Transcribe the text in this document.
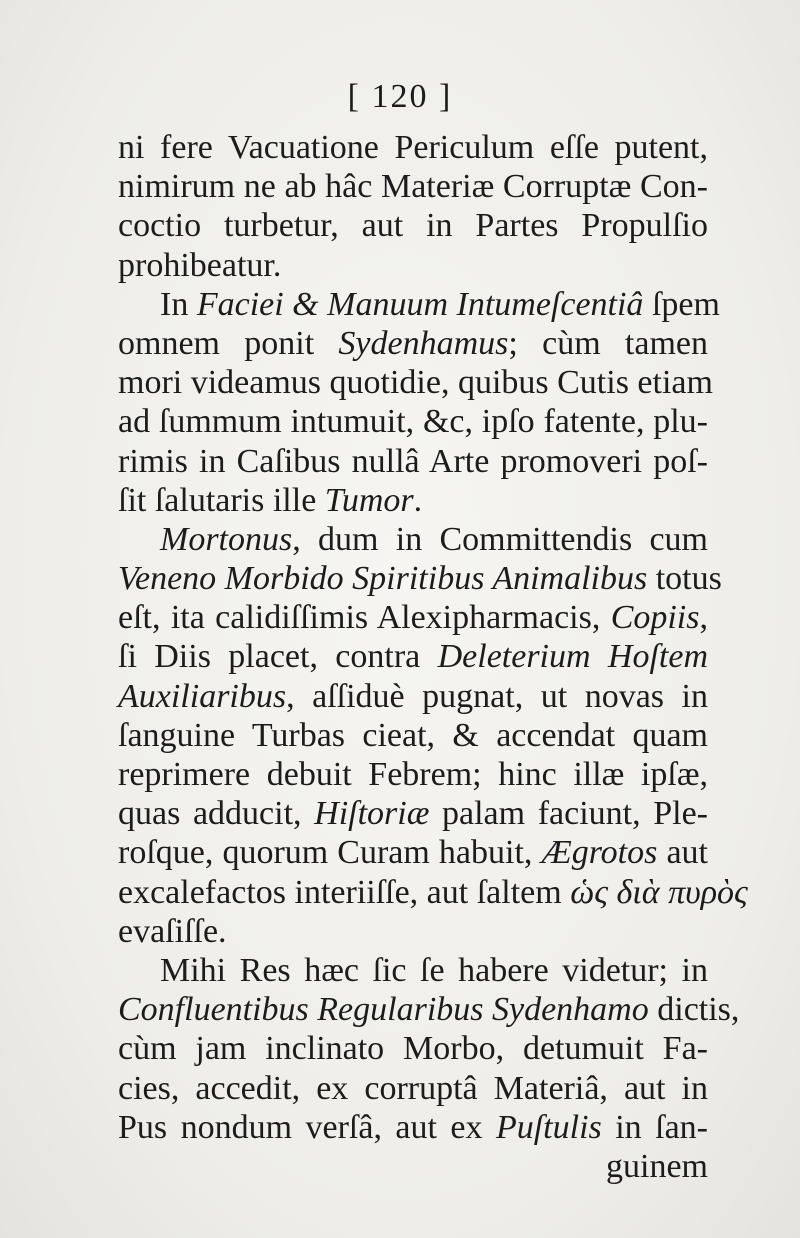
[ 120 ]
ni fere Vacuatione Periculum eſſe putent,
nimirum ne ab hâc Materiæ Corruptæ Con-
coctio turbetur, aut in Partes Propulſio
prohibeatur.
In Faciei & Manuum Intumeſcentiâ ſpem
omnem ponit Sydenhamus; cùm tamen
mori videamus quotidie, quibus Cutis etiam
ad ſummum intumuit, &c, ipſo fatente, plu-
rimis in Caſibus nullâ Arte promoveri poſ-
ſit ſalutaris ille Tumor.
Mortonus, dum in Committendis cum
Veneno Morbido Spiritibus Animalibus totus
eſt, ita calidiſſimis Alexipharmacis, Copiis,
ſi Diis placet, contra Deleterium Hoſtem
Auxiliaribus, aſſiduè pugnat, ut novas in
ſanguine Turbas cieat, & accendat quam
reprimere debuit Febrem; hinc illæ ipſæ,
quas adducit, Hiſtoriæ palam faciunt, Ple-
roſque, quorum Curam habuit, Ægrotos aut
excalefactos interiiſſe, aut ſaltem ὡς διὰ πυρὸς
evaſiſſe.
Mihi Res hæc ſic ſe habere videtur; in
Confluentibus Regularibus Sydenhamo dictis,
cùm jam inclinato Morbo, detumuit Fa-
cies, accedit, ex corruptâ Materiâ, aut in
Pus nondum verſâ, aut ex Puſtulis in ſan-
guinem
